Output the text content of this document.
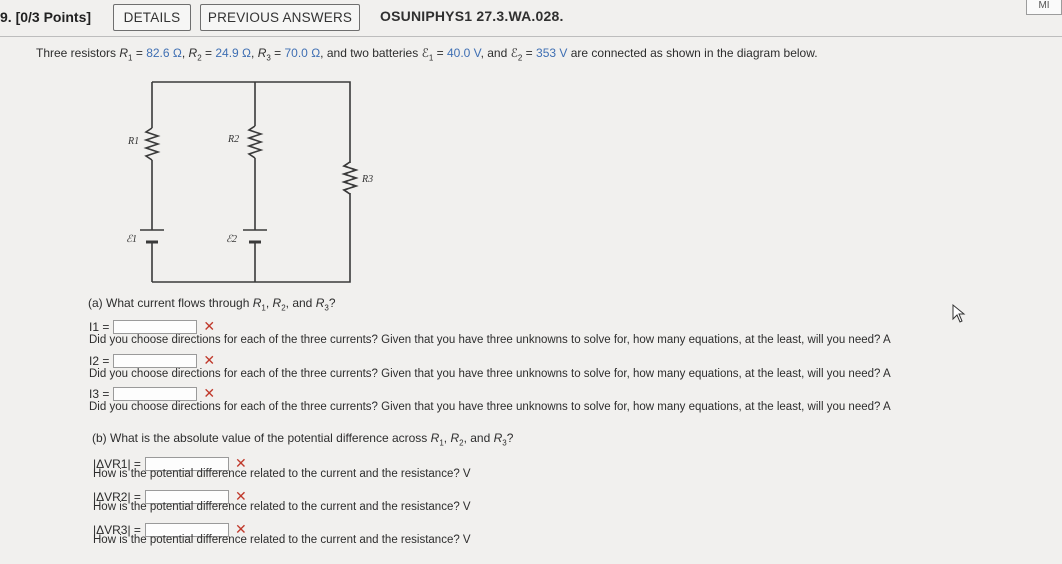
9. [0/3 Points]	DETAILS	PREVIOUS ANSWERS	OSUNIPHYS1 27.3.WA.028.
MI
Three resistors $R_1 = 82.6$ Ω, $R_2 = 24.9$ Ω, $R_3 = 70.0$ Ω, and two batteries ℰ$_1$ = 40.0 V, and ℰ$_2$ = 353 V are connected as shown in the diagram below.
R1	R2
R3
ℰ1	ℰ2
(a) What current flows through $R_1$, $R_2$, and $R_3$?
I1 =	✕
Did you choose directions for each of the three currents? Given that you have three unknowns to solve for, how many equations, at the least, will you need? A
I2 =	✕
Did you choose directions for each of the three currents? Given that you have three unknowns to solve for, how many equations, at the least, will you need? A
I3 =	✕
Did you choose directions for each of the three currents? Given that you have three unknowns to solve for, how many equations, at the least, will you need? A
(b) What is the absolute value of the potential difference across $R_1$, $R_2$, and $R_3$?
|ΔVR1| =	✕
How is the potential difference related to the current and the resistance? V
|ΔVR2| =	✕
How is the potential difference related to the current and the resistance? V
|ΔVR3| =	✕
How is the potential difference related to the current and the resistance? V
